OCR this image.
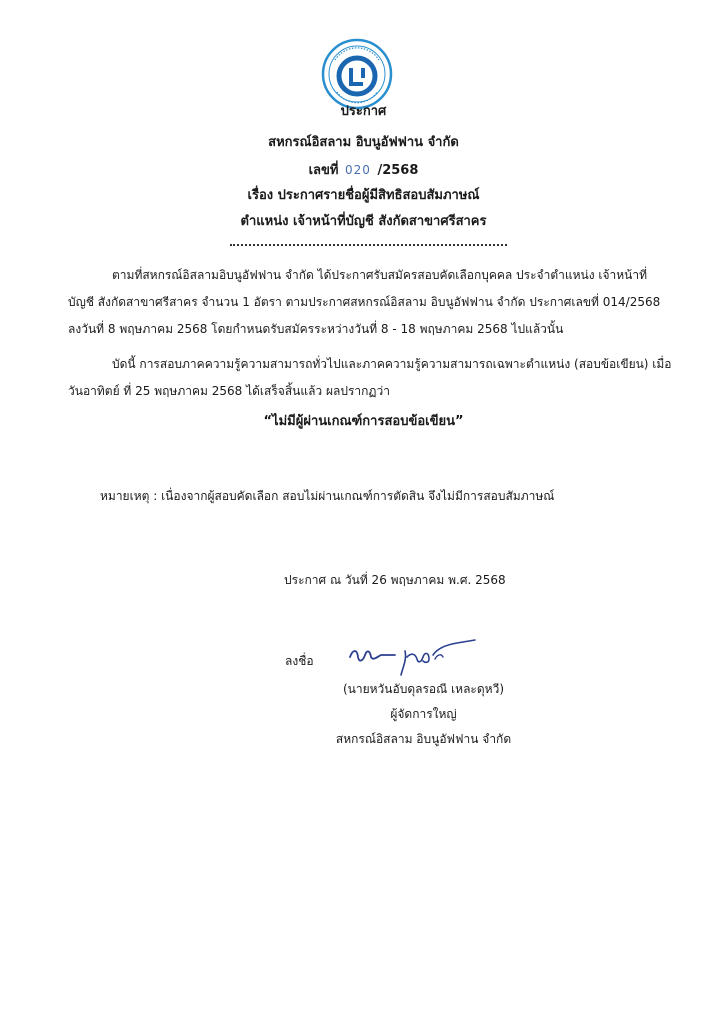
ประกาศ
สหกรณ์อิสลาม อิบนูอัฟฟาน จำกัด
เลขที่ 020 /2568
เรื่อง ประกาศรายชื่อผู้มีสิทธิสอบสัมภาษณ์
ตำแหน่ง เจ้าหน้าที่บัญชี สังกัดสาขาศรีสาคร
ตามที่สหกรณ์อิสลามอิบนูอัฟฟาน จำกัด ได้ประกาศรับสมัครสอบคัดเลือกบุคคล ประจำตำแหน่ง เจ้าหน้าที่
บัญชี สังกัดสาขาศรีสาคร จำนวน 1 อัตรา ตามประกาศสหกรณ์อิสลาม อิบนูอัฟฟาน จำกัด ประกาศเลขที่ 014/2568
ลงวันที่ 8 พฤษภาคม 2568 โดยกำหนดรับสมัครระหว่างวันที่ 8 - 18 พฤษภาคม 2568 ไปแล้วนั้น
บัดนี้ การสอบภาคความรู้ความสามารถทั่วไปและภาคความรู้ความสามารถเฉพาะตำแหน่ง (สอบข้อเขียน) เมื่อ
วันอาทิตย์ ที่ 25 พฤษภาคม 2568 ได้เสร็จสิ้นแล้ว ผลปรากฏว่า
“ไม่มีผู้ผ่านเกณฑ์การสอบข้อเขียน”
หมายเหตุ : เนื่องจากผู้สอบคัดเลือก สอบไม่ผ่านเกณฑ์การตัดสิน จึงไม่มีการสอบสัมภาษณ์
ประกาศ ณ วันที่ 26 พฤษภาคม พ.ศ. 2568
ลงชื่อ
(นายหวันอับดุลรอณี เหละดุหวี)
ผู้จัดการใหญ่
สหกรณ์อิสลาม อิบนูอัฟฟาน จำกัด
